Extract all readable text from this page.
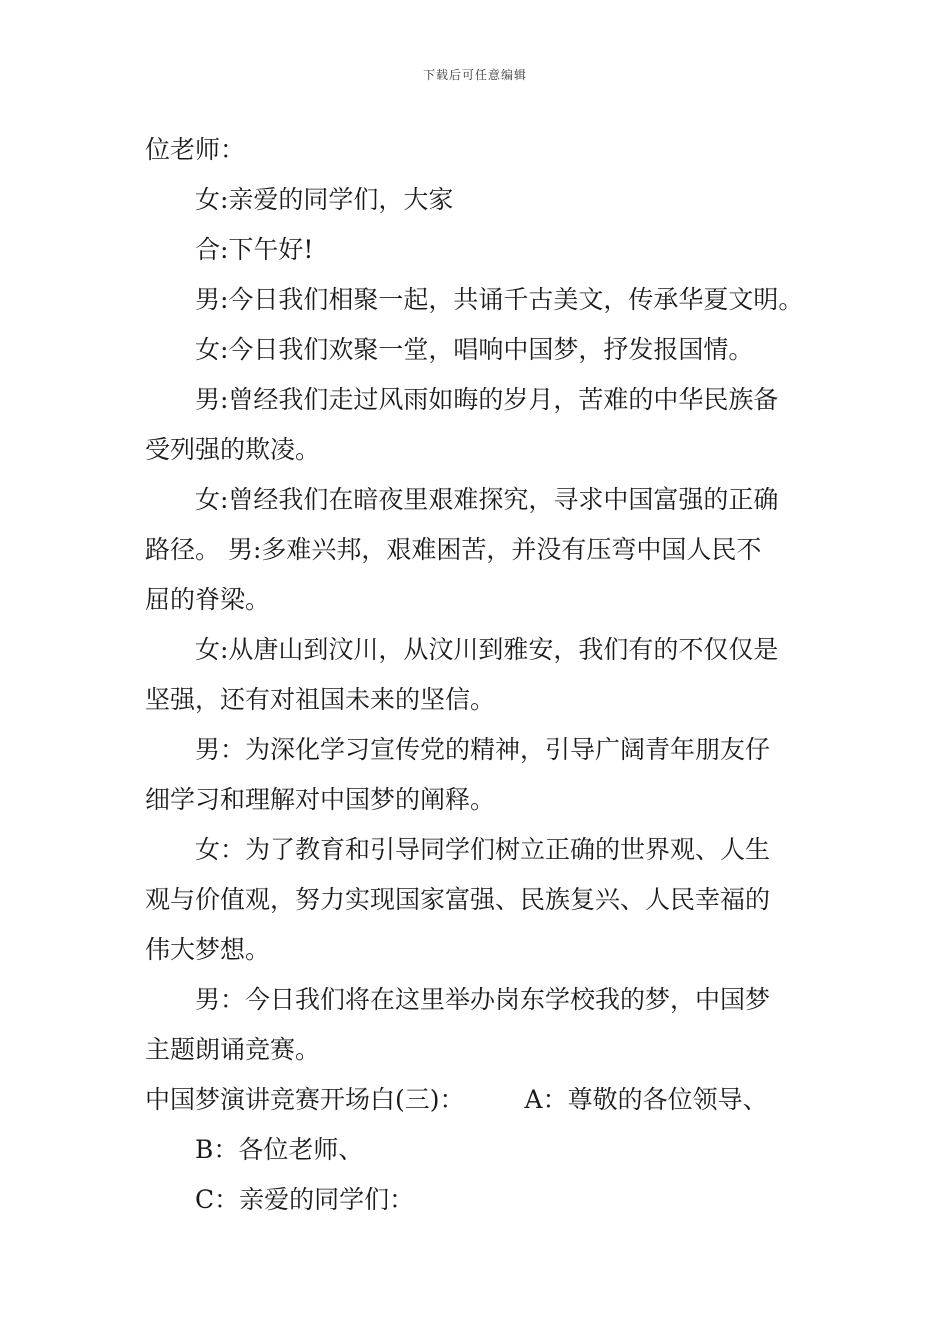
下载后可任意编辑
位老师：
女:亲爱的同学们，大家
合:下午好!
男:今日我们相聚一起，共诵千古美文，传承华夏文明。
女:今日我们欢聚一堂，唱响中国梦，抒发报国情。
男:曾经我们走过风雨如晦的岁月，苦难的中华民族备
受列强的欺凌。
女:曾经我们在暗夜里艰难探究，寻求中国富强的正确
路径。 男:多难兴邦，艰难困苦，并没有压弯中国人民不
屈的脊梁。
女:从唐山到汶川，从汶川到雅安，我们有的不仅仅是
坚强，还有对祖国未来的坚信。
男：为深化学习宣传党的精神，引导广阔青年朋友仔
细学习和理解对中国梦的阐释。
女：为了教育和引导同学们树立正确的世界观、人生
观与价值观，努力实现国家富强、民族复兴、人民幸福的
伟大梦想。
男：今日我们将在这里举办岗东学校我的梦，中国梦
主题朗诵竞赛。
中国梦演讲竞赛开场白(三)： A：尊敬的各位领导、
B：各位老师、
C：亲爱的同学们：
